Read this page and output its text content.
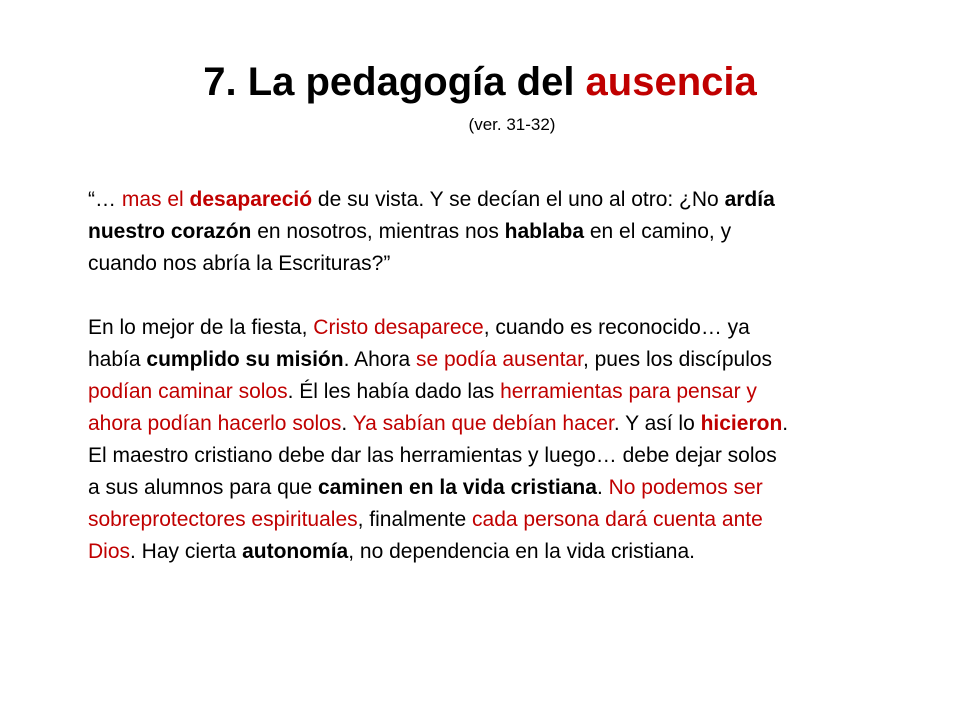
7. La pedagogía del ausencia
(ver. 31-32)
“… mas el desapareció de su vista. Y se decían el uno al otro: ¿No ardía
nuestro corazón en nosotros, mientras nos hablaba en el camino, y
cuando nos abría la Escrituras?”
En lo mejor de la fiesta, Cristo desaparece, cuando es reconocido… ya
había cumplido su misión. Ahora se podía ausentar, pues los discípulos
podían caminar solos. Él les había dado las herramientas para pensar y
ahora podían hacerlo solos. Ya sabían que debían hacer. Y así lo hicieron.
El maestro cristiano debe dar las herramientas y luego… debe dejar solos
a sus alumnos para que caminen en la vida cristiana. No podemos ser
sobreprotectores espirituales, finalmente cada persona dará cuenta ante
Dios. Hay cierta autonomía, no dependencia en la vida cristiana.
